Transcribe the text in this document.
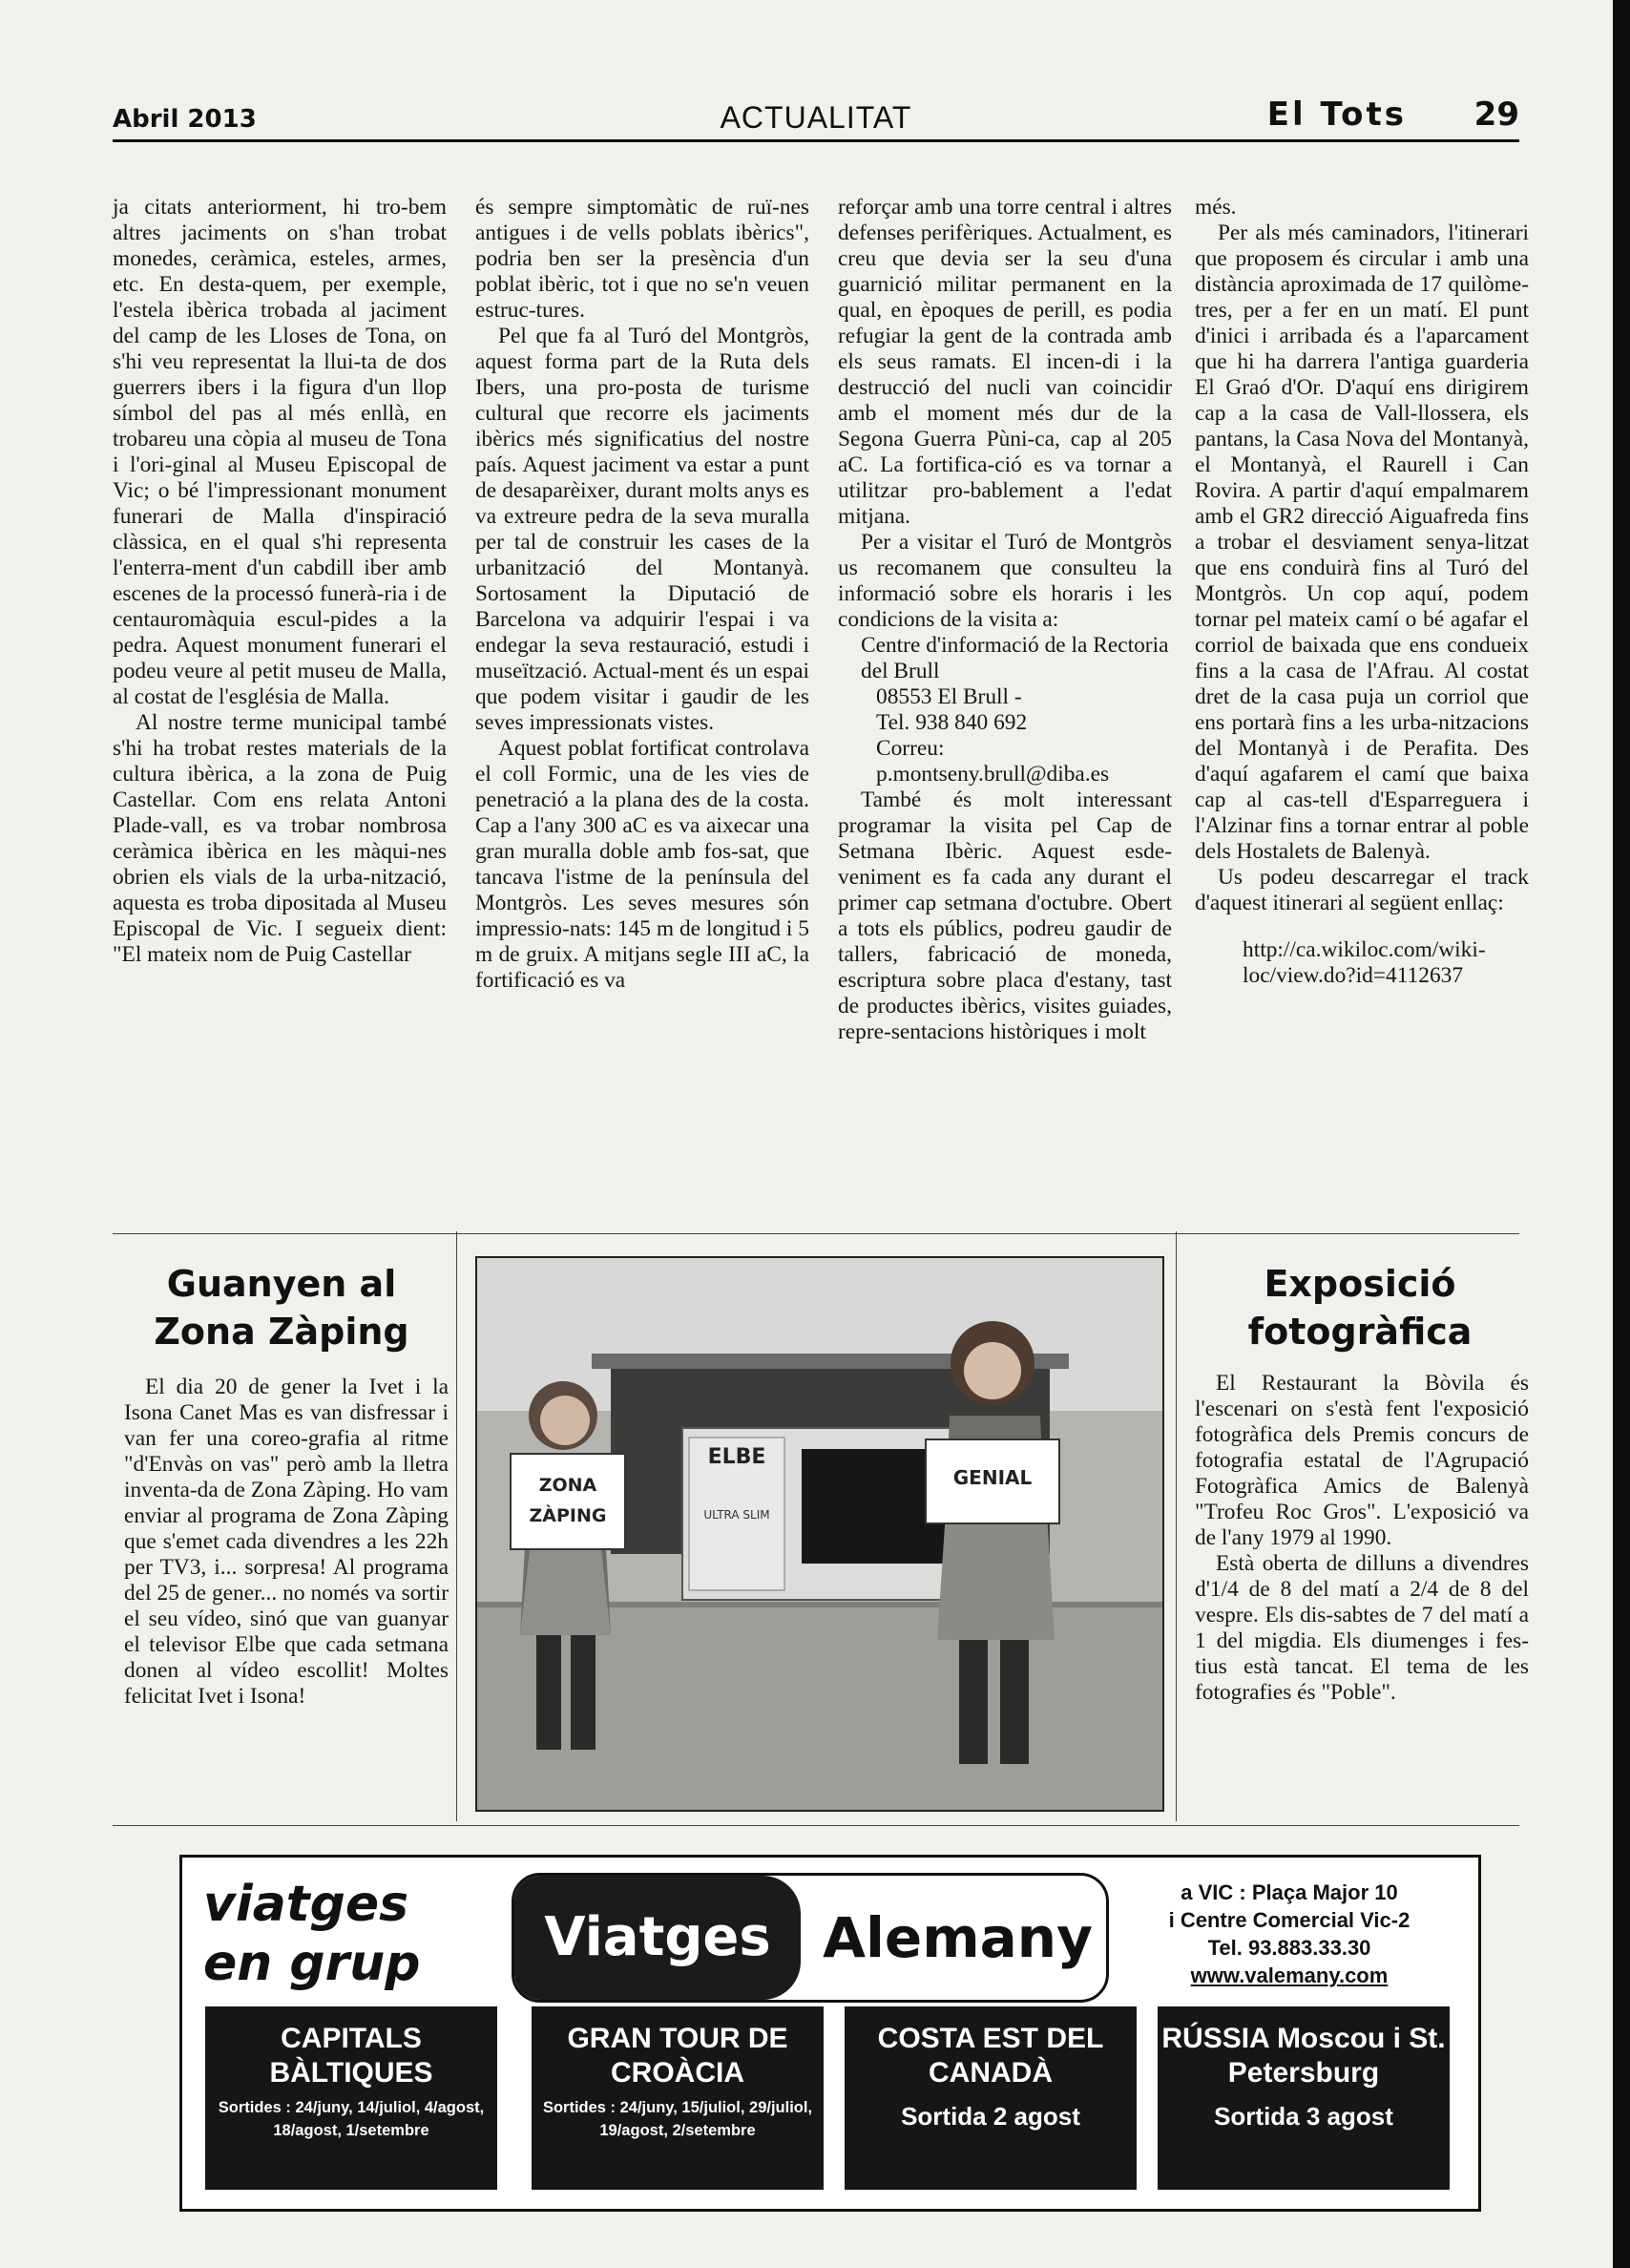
Abril 2013	ACTUALITAT	El Tots 29

ja citats anteriorment, hi tro-bem altres jaciments on s'han trobat monedes, ceràmica, esteles, armes, etc. En desta-quem, per exemple, l'estela ibèrica trobada al jaciment del camp de les Lloses de Tona, on s'hi veu representat la llui-ta de dos guerrers ibers i la figura d'un llop símbol del pas al més enllà, en trobareu una còpia al museu de Tona i l'ori-ginal al Museu Episcopal de Vic; o bé l'impressionant monument funerari de Malla d'inspiració clàssica, en el qual s'hi representa l'enterra-ment d'un cabdill iber amb escenes de la processó funerà-ria i de centauromàquia escul-pides a la pedra. Aquest monument funerari el podeu veure al petit museu de Malla, al costat de l'església de Malla.

Al nostre terme municipal també s'hi ha trobat restes materials de la cultura ibèrica, a la zona de Puig Castellar. Com ens relata Antoni Plade-vall, es va trobar nombrosa ceràmica ibèrica en les màqui-nes obrien els vials de la urba-nització, aquesta es troba dipositada al Museu Episcopal de Vic. I segueix dient: "El mateix nom de Puig Castellar

és sempre simptomàtic de ruï-nes antigues i de vells poblats ibèrics", podria ben ser la presència d'un poblat ibèric, tot i que no se'n veuen estruc-tures.

Pel que fa al Turó del Montgròs, aquest forma part de la Ruta dels Ibers, una pro-posta de turisme cultural que recorre els jaciments ibèrics més significatius del nostre país. Aquest jaciment va estar a punt de desaparèixer, durant molts anys es va extreure pedra de la seva muralla per tal de construir les cases de la urbanització del Montanyà. Sortosament la Diputació de Barcelona va adquirir l'espai i va endegar la seva restauració, estudi i museïtzació. Actual-ment és un espai que podem visitar i gaudir de les seves impressionats vistes.

Aquest poblat fortificat controlava el coll Formic, una de les vies de penetració a la plana des de la costa. Cap a l'any 300 aC es va aixecar una gran muralla doble amb fos-sat, que tancava l'istme de la península del Montgròs. Les seves mesures són impressio-nats: 145 m de longitud i 5 m de gruix. A mitjans segle III aC, la fortificació es va

reforçar amb una torre central i altres defenses perifèriques. Actualment, es creu que devia ser la seu d'una guarnició militar permanent en la qual, en èpoques de perill, es podia refugiar la gent de la contrada amb els seus ramats. El incen-di i la destrucció del nucli van coincidir amb el moment més dur de la Segona Guerra Pùni-ca, cap al 205 aC. La fortifica-ció es va tornar a utilitzar pro-bablement a l'edat mitjana.

Per a visitar el Turó de Montgròs us recomanem que consulteu la informació sobre els horaris i les condicions de la visita a:

Centre d'informació de la Rectoria del Brull

08553 El Brull -

Tel. 938 840 692

Correu:

p.montseny.brull@diba.es

També és molt interessant programar la visita pel Cap de Setmana Ibèric. Aquest esde-veniment es fa cada any durant el primer cap setmana d'octubre. Obert a tots els públics, podreu gaudir de tallers, fabricació de moneda, escriptura sobre placa d'estany, tast de productes ibèrics, visites guiades, repre-sentacions històriques i molt

més.

Per als més caminadors, l'itinerari que proposem és circular i amb una distància aproximada de 17 quilòme-tres, per a fer en un matí. El punt d'inici i arribada és a l'aparcament que hi ha darrera l'antiga guarderia El Graó d'Or. D'aquí ens dirigirem cap a la casa de Vall-llossera, els pantans, la Casa Nova del Montanyà, el Montanyà, el Raurell i Can Rovira. A partir d'aquí empalmarem amb el GR2 direcció Aiguafreda fins a trobar el desviament senya-litzat que ens conduirà fins al Turó del Montgròs. Un cop aquí, podem tornar pel mateix camí o bé agafar el corriol de baixada que ens condueix fins a la casa de l'Afrau. Al costat dret de la casa puja un corriol que ens portarà fins a les urba-nitzacions del Montanyà i de Perafita. Des d'aquí agafarem el camí que baixa cap al cas-tell d'Esparreguera i l'Alzinar fins a tornar entrar al poble dels Hostalets de Balenyà.

Us podeu descarregar el track d'aquest itinerari al següent enllaç:

http://ca.wikiloc.com/wiki-loc/view.do?id=4112637

Guanyen al Zona Zàping

El dia 20 de gener la Ivet i la Isona Canet Mas es van disfressar i van fer una coreo-grafia al ritme "d'Envàs on vas" però amb la lletra inventa-da de Zona Zàping. Ho vam enviar al programa de Zona Zàping que s'emet cada divendres a les 22h per TV3, i... sorpresa! Al programa del 25 de gener... no només va sortir el seu vídeo, sinó que van guanyar el televisor Elbe que cada setmana donen al vídeo escollit! Moltes felicitat Ivet i Isona!

ZONA ZÀPING
ELBE
ULTRA SLIM
GENIAL
Exposició fotogràfica

El Restaurant la Bòvila és l'escenari on s'està fent l'exposició fotogràfica dels Premis concurs de fotografia estatal de l'Agrupació Fotogràfica Amics de Balenyà "Trofeu Roc Gros". L'exposició va de l'any 1979 al 1990.

Està oberta de dilluns a divendres d'1/4 de 8 del matí a 2/4 de 8 del vespre. Els dis-sabtes de 7 del matí a 1 del migdia. Els diumenges i fes-tius està tancat. El tema de les fotografies és "Poble".

viatges
en grup	Viatges Alemany
a VIC : Plaça Major 10
i Centre Comercial Vic-2
Tel. 93.883.33.30
www.valemany.com
CAPITALS BÀLTIQUES
Sortides : 24/juny, 14/juliol, 4/agost, 18/agost, 1/setembre
GRAN TOUR DE CROÀCIA
Sortides : 24/juny, 15/juliol, 29/juliol, 19/agost, 2/setembre
COSTA EST DEL CANADÀ
Sortida 2 agost
RÚSSIA Moscou i St. Petersburg
Sortida 3 agost
